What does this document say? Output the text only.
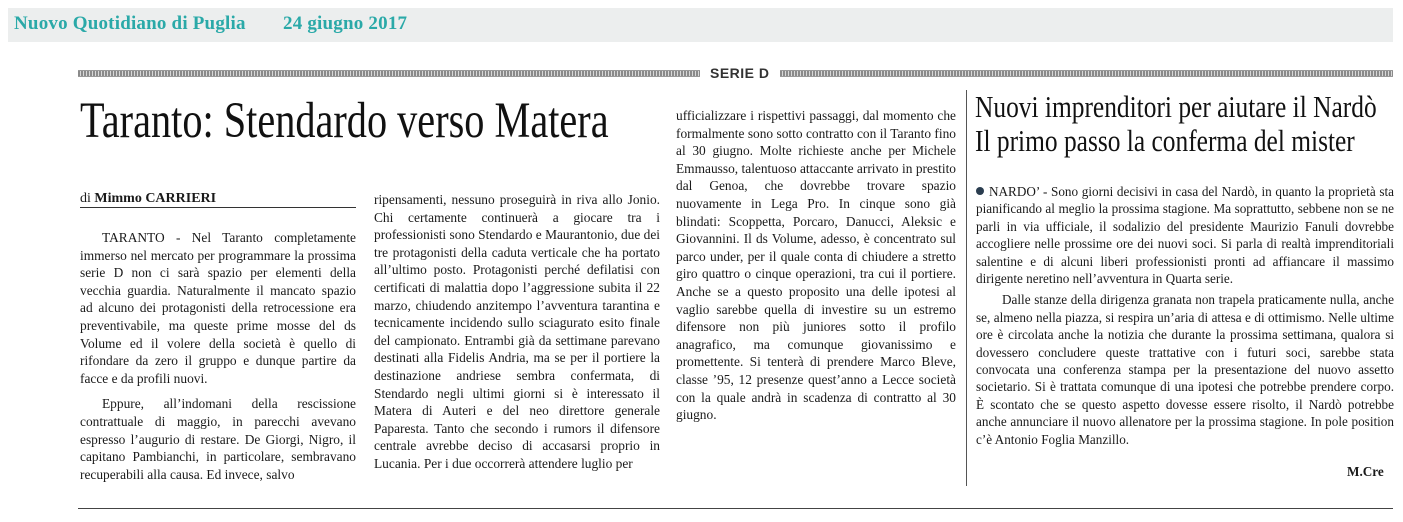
Nuovo Quotidiano di Puglia 24 giugno 2017
SERIE D
Taranto: Stendardo verso Matera
di Mimmo CARRIERI

TARANTO - Nel Taranto completamente immerso nel mercato per programmare la prossima serie D non ci sarà spazio per elementi della vecchia guardia. Naturalmente il mancato spazio ad alcuno dei protagonisti della retrocessione era preventivabile, ma queste prime mosse del ds Volume ed il volere della società è quello di rifondare da zero il gruppo e dunque partire da facce e da profili nuovi.

Eppure, all’indomani della rescissione contrattuale di maggio, in parecchi avevano espresso l’augurio di restare. De Giorgi, Nigro, il capitano Pambianchi, in particolare, sembravano recuperabili alla causa. Ed invece, salvo

ripensamenti, nessuno proseguirà in riva allo Jonio. Chi certamente continuerà a giocare tra i professionisti sono Stendardo e Maurantonio, due dei tre protagonisti della caduta verticale che ha portato all’ultimo posto. Protagonisti perché defilatisi con certificati di malattia dopo l’aggressione subita il 22 marzo, chiudendo anzitempo l’avventura tarantina e tecnicamente incidendo sullo sciagurato esito finale del campionato. Entrambi già da settimane parevano destinati alla Fidelis Andria, ma se per il portiere la destinazione andriese sembra confermata, di Stendardo negli ultimi giorni si è interessato il Matera di Auteri e del neo direttore generale Paparesta. Tanto che secondo i rumors il difensore centrale avrebbe deciso di accasarsi proprio in Lucania. Per i due occorrerà attendere luglio per

ufficializzare i rispettivi passaggi, dal momento che formalmente sono sotto contratto con il Taranto fino al 30 giugno. Molte richieste anche per Michele Emmausso, talentuoso attaccante arrivato in prestito dal Genoa, che dovrebbe trovare spazio nuovamente in Lega Pro. In cinque sono già blindati: Scoppetta, Porcaro, Danucci, Aleksic e Giovannini. Il ds Volume, adesso, è concentrato sul parco under, per il quale conta di chiudere a stretto giro quattro o cinque operazioni, tra cui il portiere. Anche se a questo proposito una delle ipotesi al vaglio sarebbe quella di investire su un estremo difensore non più juniores sotto il profilo anagrafico, ma comunque giovanissimo e promettente. Si tenterà di prendere Marco Bleve, classe ’95, 12 presenze quest’anno a Lecce società con la quale andrà in scadenza di contratto al 30 giugno.

Nuovi imprenditori per aiutare il Nardò
Il primo passo la conferma del mister

NARDO’ - Sono giorni decisivi in casa del Nardò, in quanto la proprietà sta pianificando al meglio la prossima stagione. Ma soprattutto, sebbene non se ne parli in via ufficiale, il sodalizio del presidente Maurizio Fanuli dovrebbe accogliere nelle prossime ore dei nuovi soci. Si parla di realtà imprenditoriali salentine e di alcuni liberi professionisti pronti ad affiancare il massimo dirigente neretino nell’avventura in Quarta serie.

Dalle stanze della dirigenza granata non trapela praticamente nulla, anche se, almeno nella piazza, si respira un’aria di attesa e di ottimismo. Nelle ultime ore è circolata anche la notizia che durante la prossima settimana, qualora si dovessero concludere queste trattative con i futuri soci, sarebbe stata convocata una conferenza stampa per la presentazione del nuovo assetto societario. Si è trattata comunque di una ipotesi che potrebbe prendere corpo. È scontato che se questo aspetto dovesse essere risolto, il Nardò potrebbe anche annunciare il nuovo allenatore per la prossima stagione. In pole position c’è Antonio Foglia Manzillo.

M.Cre
